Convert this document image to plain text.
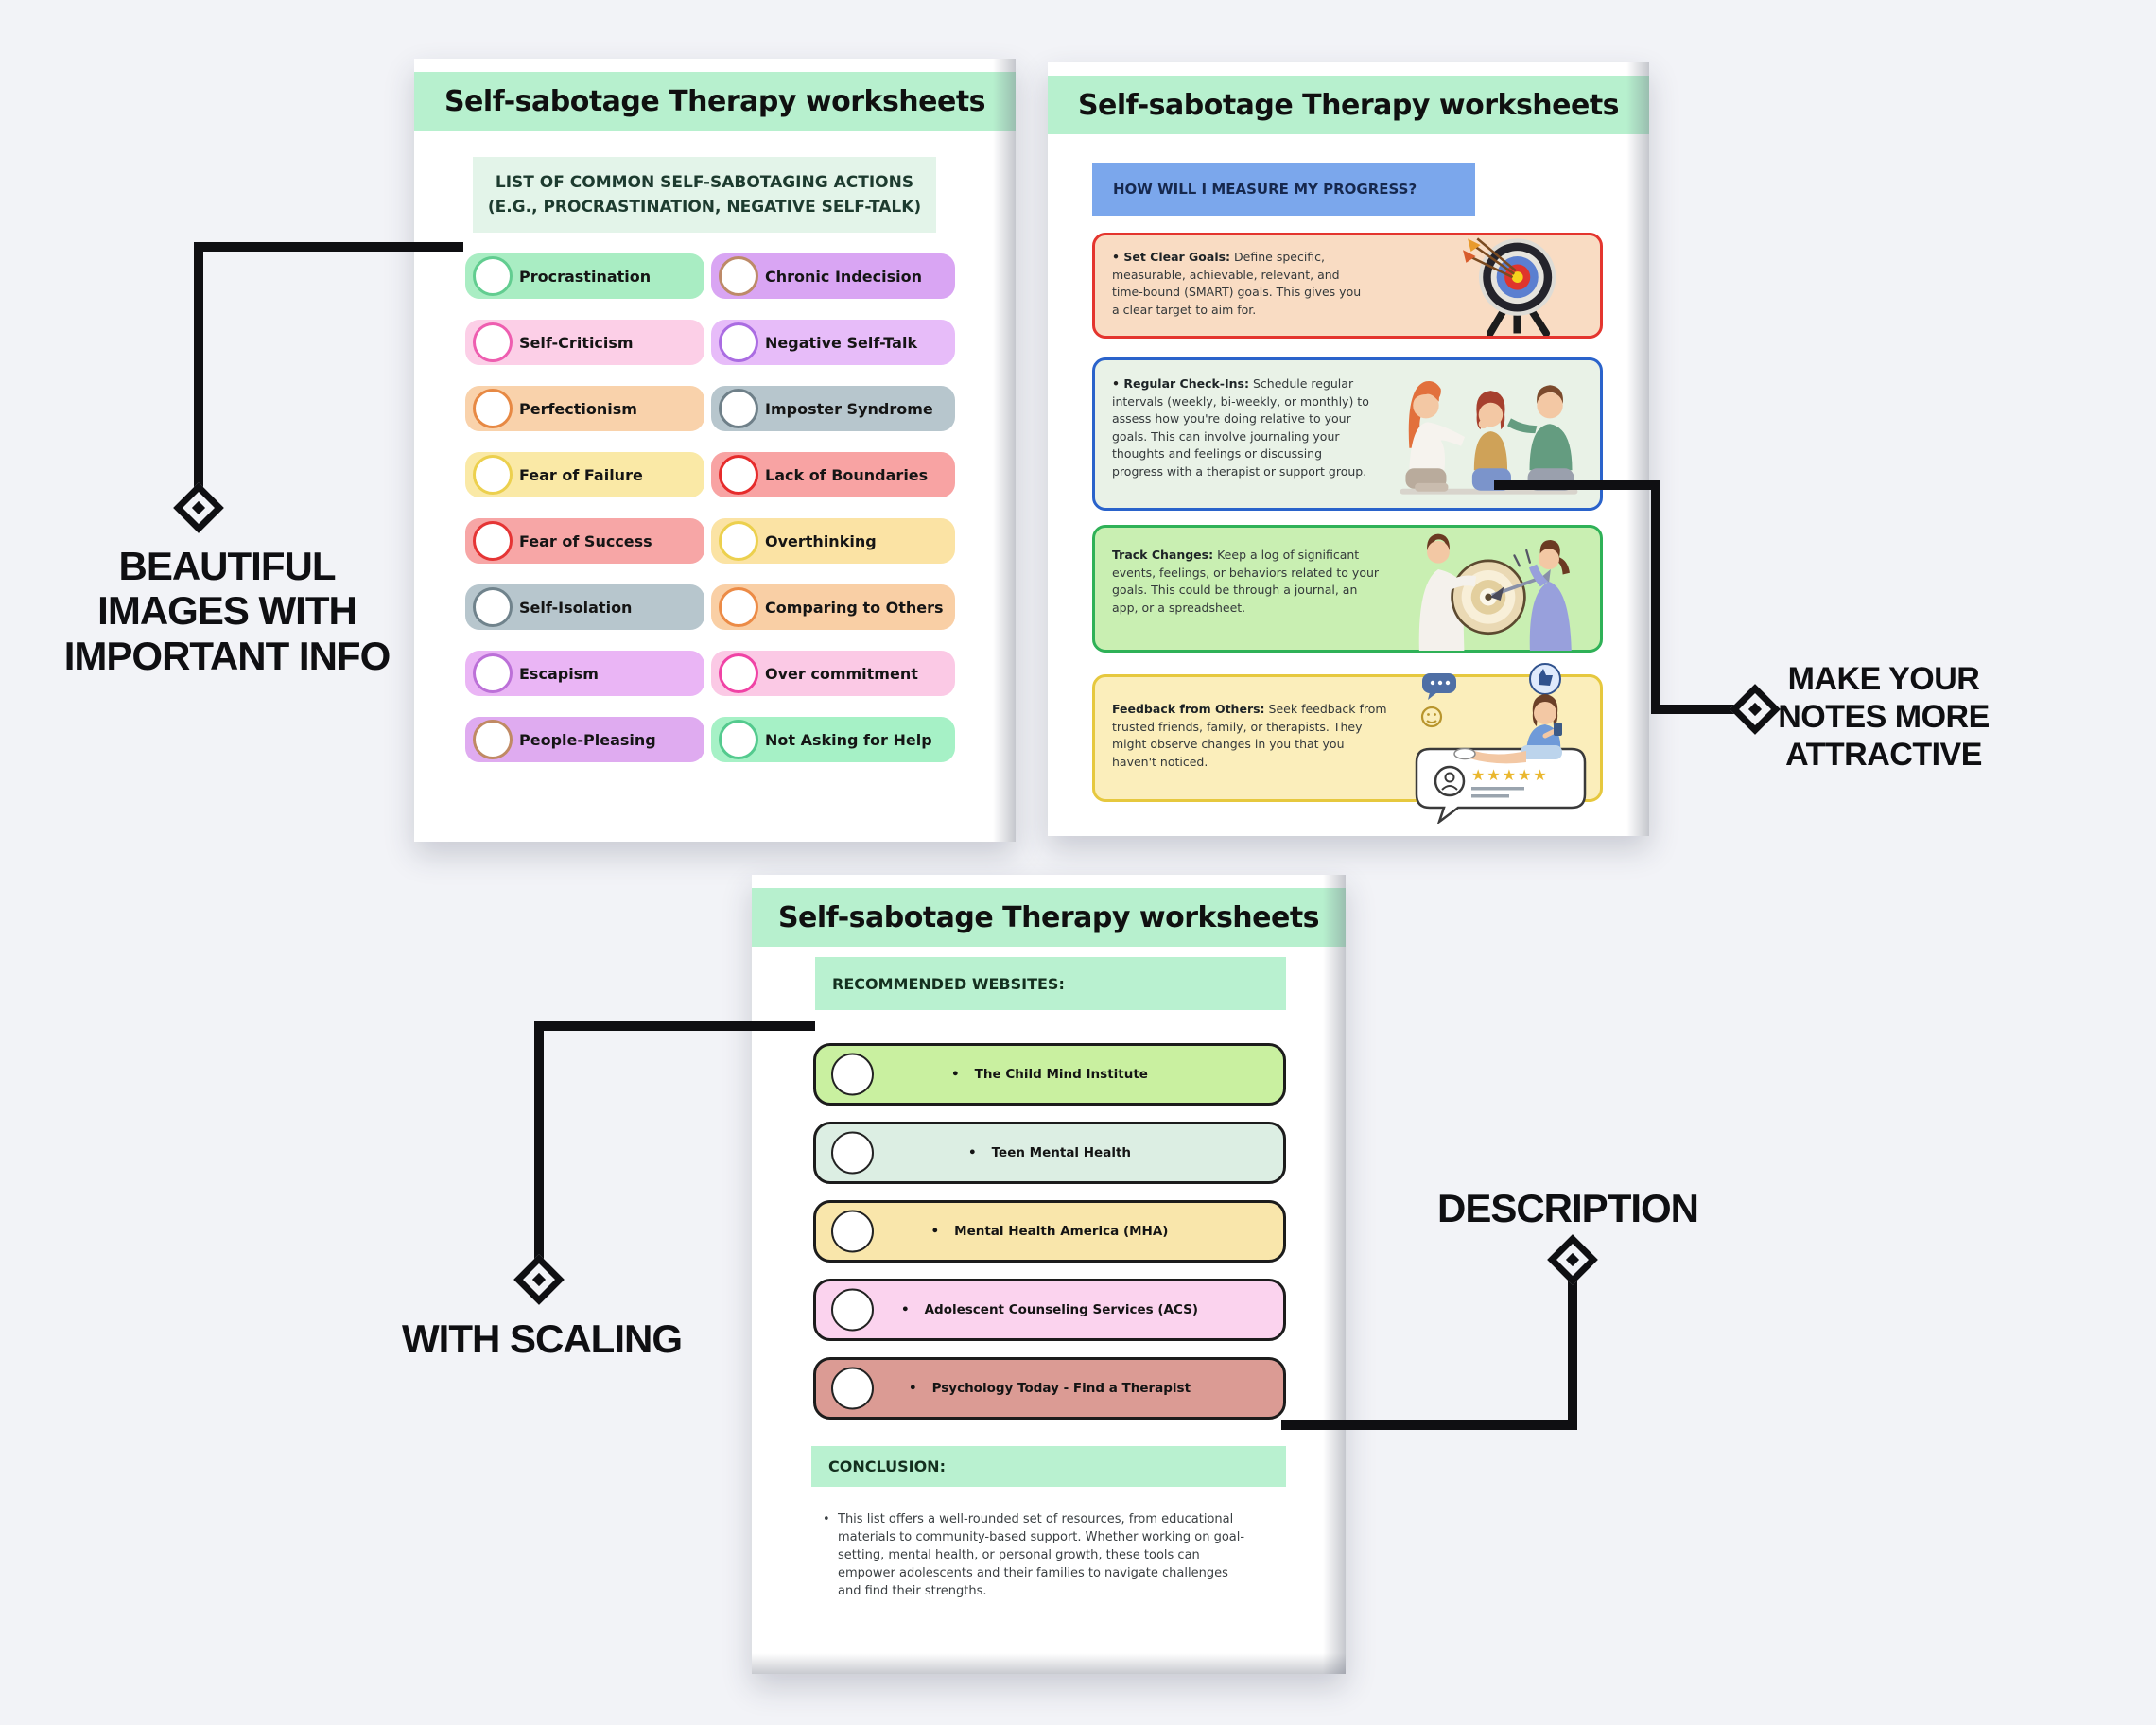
Self-sabotage Therapy worksheets
LIST OF COMMON SELF-SABOTAGING ACTIONS
(E.G., PROCRASTINATION, NEGATIVE SELF-TALK)
Procrastination
Self-Criticism
Perfectionism
Fear of Failure
Fear of Success
Self-Isolation
Escapism
People-Pleasing
Chronic Indecision
Negative Self-Talk
Imposter Syndrome
Lack of Boundaries
Overthinking
Comparing to Others
Over commitment
Not Asking for Help
Self-sabotage Therapy worksheets
HOW WILL I MEASURE MY PROGRESS?
• Set Clear Goals: Define specific, measurable, achievable, relevant, and time-bound (SMART) goals. This gives you a clear target to aim for.
• Regular Check-Ins: Schedule regular intervals (weekly, bi-weekly, or monthly) to assess how you're doing relative to your goals. This can involve journaling your thoughts and feelings or discussing progress with a therapist or support group.
Track Changes: Keep a log of significant events, feelings, or behaviors related to your goals. This could be through a journal, an app, or a spreadsheet.
Feedback from Others: Seek feedback from trusted friends, family, or therapists. They might observe changes in you that you haven't noticed.
★★★★★
Self-sabotage Therapy worksheets
RECOMMENDED WEBSITES:
• The Child Mind Institute
• Teen Mental Health
• Mental Health America (MHA)
• Adolescent Counseling Services (ACS)
• Psychology Today - Find a Therapist
CONCLUSION:
• This list offers a well-rounded set of resources, from educational materials to community-based support. Whether working on goal-setting, mental health, or personal growth, these tools can empower adolescents and their families to navigate challenges and find their strengths.
BEAUTIFUL
IMAGES WITH
IMPORTANT INFO
MAKE YOUR
NOTES MORE
ATTRACTIVE
WITH SCALING
DESCRIPTION
